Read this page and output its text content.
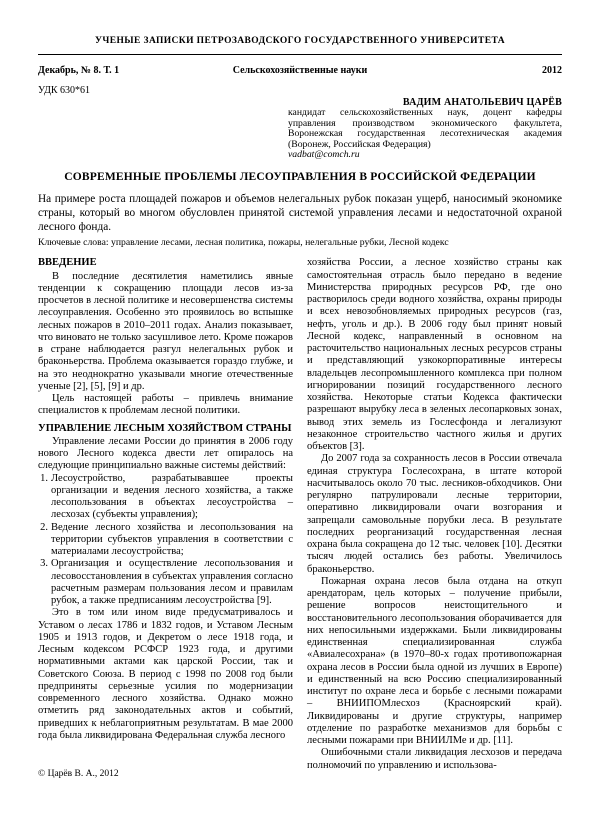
УЧЕНЫЕ ЗАПИСКИ ПЕТРОЗАВОДСКОГО ГОСУДАРСТВЕННОГО УНИВЕРСИТЕТА
Декабрь, № 8. Т. 1	Сельскохозяйственные науки	2012
УДК 630*61
ВАДИМ АНАТОЛЬЕВИЧ ЦАРЁВ
кандидат сельскохозяйственных наук, доцент кафедры управления производством экономического факультета, Воронежская государственная лесотехническая академия (Воронеж, Российская Федерация)
vadbat@comch.ru
СОВРЕМЕННЫЕ ПРОБЛЕМЫ ЛЕСОУПРАВЛЕНИЯ В РОССИЙСКОЙ ФЕДЕРАЦИИ
На примере роста площадей пожаров и объемов нелегальных рубок показан ущерб, наносимый экономике страны, который во многом обусловлен принятой системой управления лесами и недостаточной охраной лесного фонда.
Ключевые слова: управление лесами, лесная политика, пожары, нелегальные рубки, Лесной кодекс
ВВЕДЕНИЕ

В последние десятилетия наметились явные тенденции к сокращению площади лесов из-за просчетов в лесной политике и несовершенства системы лесоуправления. Особенно это проявилось во вспышке лесных пожаров в 2010–2011 годах. Анализ показывает, что виновато не только засушливое лето. Кроме пожаров в стране наблюдается разгул нелегальных рубок и браконьерства. Проблема оказывается гораздо глубже, и на это неоднократно указывали многие отечественные ученые [2], [5], [9] и др.

Цель настоящей работы – привлечь внимание специалистов к проблемам лесной политики.

УПРАВЛЕНИЕ ЛЕСНЫМ ХОЗЯЙСТВОМ СТРАНЫ

Управление лесами России до принятия в 2006 году нового Лесного кодекса двести лет опиралось на следующие принципиально важные системы действий:

1. Лесоустройство, разрабатывавшее проекты организации и ведения лесного хозяйства, а также лесопользования в объектах лесоустройства – лесхозах (субъекты управления);
2. Ведение лесного хозяйства и лесопользования на территории субъектов управления в соответствии с материалами лесоустройства;
3. Организация и осуществление лесопользования и лесовосстановления в субъектах управления согласно расчетным размерам пользования лесом и правилам рубок, а также предписаниям лесоустройства [9].

Это в том или ином виде предусматривалось и Уставом о лесах 1786 и 1832 годов, и Уставом Лесным 1905 и 1913 годов, и Декретом о лесе 1918 года, и Лесным кодексом РСФСР 1923 года, и другими нормативными актами как царской России, так и Советского Союза. В период с 1998 по 2008 год были предприняты серьезные усилия по модернизации современного лесного хозяйства. Однако можно отметить ряд законодательных актов и событий, приведших к неблагоприятным результатам. В мае 2000 года была ликвидирована Федеральная служба лесного

хозяйства России, а лесное хозяйство страны как самостоятельная отрасль было передано в ведение Министерства природных ресурсов РФ, где оно растворилось среди водного хозяйства, охраны природы и всех невозобновляемых природных ресурсов (газ, нефть, уголь и др.). В 2006 году был принят новый Лесной кодекс, направленный в основном на расточительство национальных лесных ресурсов страны и представляющий узкокорпоративные интересы владельцев лесопромышленного комплекса при полном игнорировании позиций государственного лесного хозяйства. Некоторые статьи Кодекса фактически разрешают вырубку леса в зеленых лесопарковых зонах, вывод этих земель из Гослесфонда и легализуют незаконное строительство частного жилья и других объектов [3].

До 2007 года за сохранность лесов в России отвечала единая структура Гослесохрана, в штате которой насчитывалось около 70 тыс. лесников-обходчиков. Они регулярно патрулировали лесные территории, оперативно ликвидировали очаги возгорания и запрещали самовольные порубки леса. В результате последних реорганизаций государственная лесная охрана была сокращена до 12 тыс. человек [10]. Десятки тысяч людей остались без работы. Увеличилось браконьерство.

Пожарная охрана лесов была отдана на откуп арендаторам, цель которых – получение прибыли, решение вопросов неистощительного и восстановительного лесопользования оборачивается для них непосильными издержками. Были ликвидированы единственная специализированная служба «Авиалесохрана» (в 1970–80-х годах противопожарная охрана лесов в России была одной из лучших в Европе) и единственный на всю Россию специализированный институт по охране леса и борьбе с лесными пожарами – ВНИИПОМлесхоз (Красноярский край). Ликвидированы и другие структуры, например отделение по разработке механизмов для борьбы с лесными пожарами при ВНИИЛМе и др. [11].

Ошибочными стали ликвидация лесхозов и передача полномочий по управлению и использова-

© Царёв В. А., 2012
